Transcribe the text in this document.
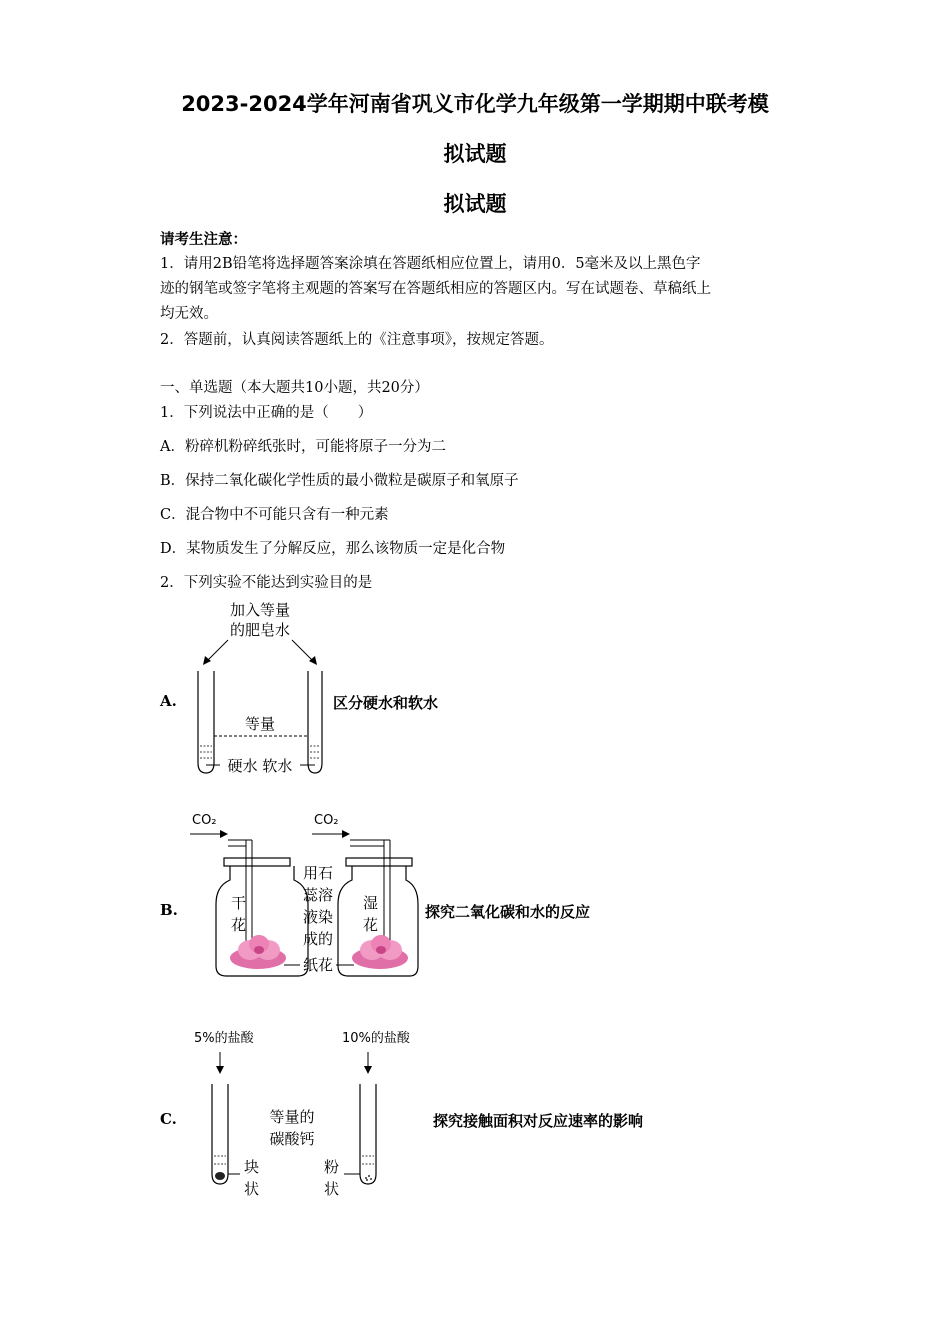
2023-2024学年河南省巩义市化学九年级第一学期期中联考模
拟试题
拟试题
请考生注意：
1．请用2B铅笔将选择题答案涂填在答题纸相应位置上，请用0．5毫米及以上黑色字
迹的钢笔或签字笔将主观题的答案写在答题纸相应的答题区内。写在试题卷、草稿纸上
均无效。
2．答题前，认真阅读答题纸上的《注意事项》，按规定答题。
一、单选题（本大题共10小题，共20分）
1．下列说法中正确的是（　　）
A．粉碎机粉碎纸张时，可能将原子一分为二
B．保持二氧化碳化学性质的最小微粒是碳原子和氧原子
C．混合物中不可能只含有一种元素
D．某物质发生了分解反应，那么该物质一定是化合物
2．下列实验不能达到实验目的是
A.
加入等量
的肥皂水
等量
硬水 软水
区分硬水和软水
B.
CO₂	CO₂
干
花
湿
花
用石
蕊溶
液染
成的
纸花
探究二氧化碳和水的反应
C.
5%的盐酸	10%的盐酸
等量的
碳酸钙
块
状
粉
状
探究接触面积对反应速率的影响
